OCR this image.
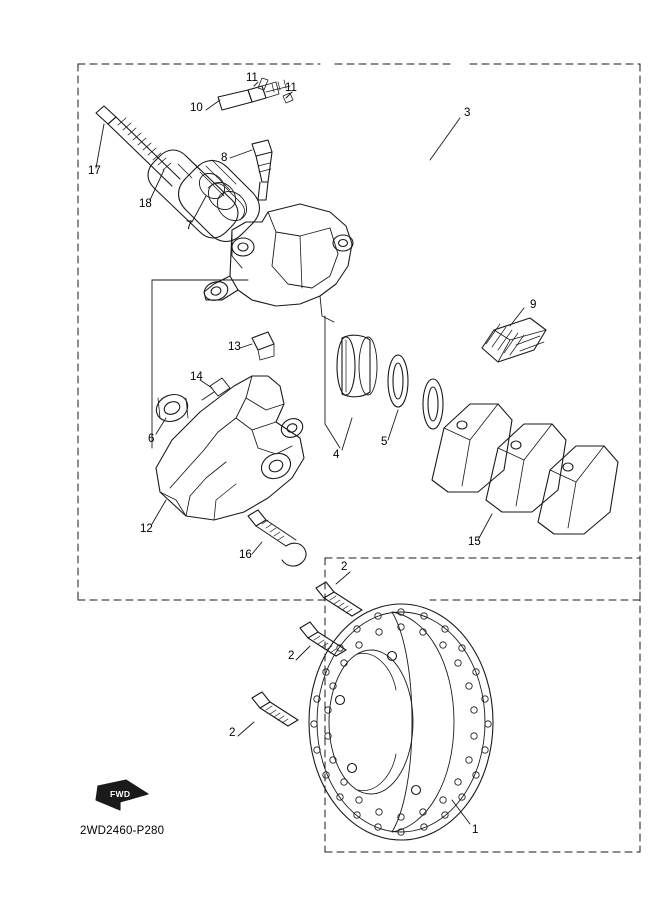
1
2
2
2
3
4
5
6
7
8
9
10
11
11
12
13
14
15
16
17
18
FWD
2WD2460-P280
